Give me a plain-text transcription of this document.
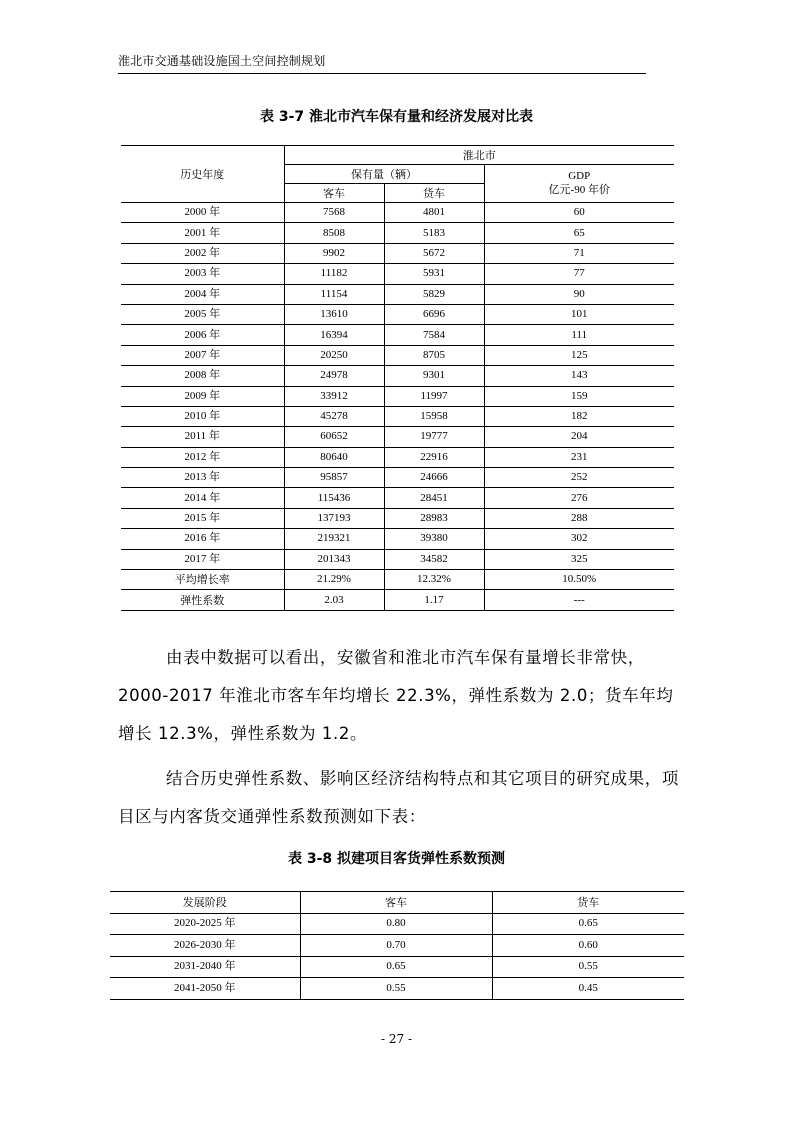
淮北市交通基础设施国土空间控制规划
表 3-7 淮北市汽车保有量和经济发展对比表
历史年度	淮北市		
	保有量（辆）		GDP
亿元-90 年价

	客车	货车	
2000 年	7568	4801	60
2001 年	8508	5183	65
2002 年	9902	5672	71
2003 年	11182	5931	77
2004 年	11154	5829	90
2005 年	13610	6696	101
2006 年	16394	7584	111
2007 年	20250	8705	125
2008 年	24978	9301	143
2009 年	33912	11997	159
2010 年	45278	15958	182
2011 年	60652	19777	204
2012 年	80640	22916	231
2013 年	95857	24666	252
2014 年	115436	28451	276
2015 年	137193	28983	288
2016 年	219321	39380	302
2017 年	201343	34582	325
平均增长率	21.29%	12.32%	10.50%
弹性系数	2.03	1.17	---
由表中数据可以看出，安徽省和淮北市汽车保有量增长非常快，2000-2017 年淮北市客车年均增长 22.3%，弹性系数为 2.0；货车年均增长 12.3%，弹性系数为 1.2。
结合历史弹性系数、影响区经济结构特点和其它项目的研究成果，项目区与内客货交通弹性系数预测如下表：
表 3-8 拟建项目客货弹性系数预测
发展阶段	客车	货车
2020-2025 年	0.80	0.65
2026-2030 年	0.70	0.60
2031-2040 年	0.65	0.55
2041-2050 年	0.55	0.45
- 27 -
